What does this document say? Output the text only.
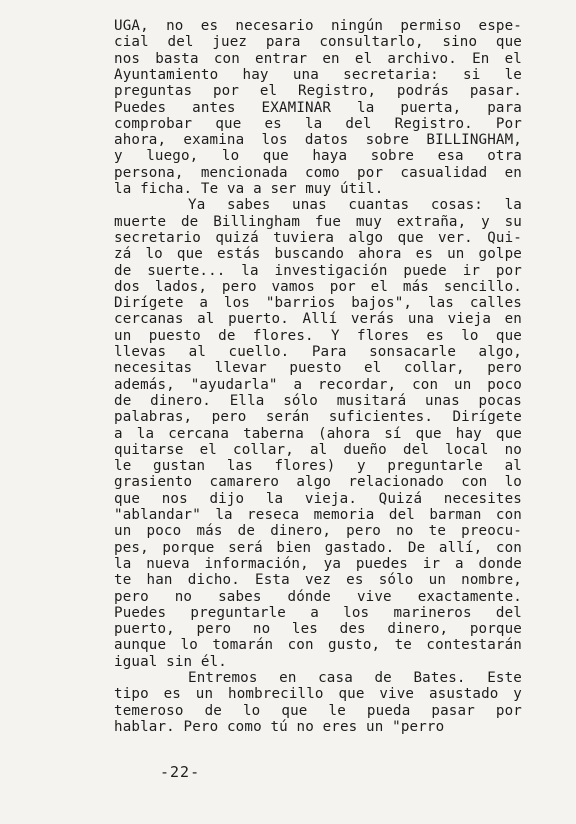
UGA, no es necesario ningún permiso espe-
cial del juez para consultarlo, sino que
nos basta con entrar en el archivo. En el
Ayuntamiento hay una secretaria: si le
preguntas por el Registro, podrás pasar.
Puedes antes EXAMINAR la puerta, para
comprobar que es la del Registro. Por
ahora, examina los datos sobre BILLINGHAM,
y luego, lo que haya sobre esa otra
persona, mencionada como por casualidad en
la ficha. Te va a ser muy útil.
Ya sabes unas cuantas cosas: la
muerte de Billingham fue muy extraña, y su
secretario quizá tuviera algo que ver. Qui-
zá lo que estás buscando ahora es un golpe
de suerte... la investigación puede ir por
dos lados, pero vamos por el más sencillo.
Dirígete a los "barrios bajos", las calles
cercanas al puerto. Allí verás una vieja en
un puesto de flores. Y flores es lo que
llevas al cuello. Para sonsacarle algo,
necesitas llevar puesto el collar, pero
además, "ayudarla" a recordar, con un poco
de dinero. Ella sólo musitará unas pocas
palabras, pero serán suficientes. Dirígete
a la cercana taberna (ahora sí que hay que
quitarse el collar, al dueño del local no
le gustan las flores) y preguntarle al
grasiento camarero algo relacionado con lo
que nos dijo la vieja. Quizá necesites
"ablandar" la reseca memoria del barman con
un poco más de dinero, pero no te preocu-
pes, porque será bien gastado. De allí, con
la nueva información, ya puedes ir a donde
te han dicho. Esta vez es sólo un nombre,
pero no sabes dónde vive exactamente.
Puedes preguntarle a los marineros del
puerto, pero no les des dinero, porque
aunque lo tomarán con gusto, te contestarán
igual sin él.
Entremos en casa de Bates. Este
tipo es un hombrecillo que vive asustado y
temeroso de lo que le pueda pasar por
hablar. Pero como tú no eres un "perro
-22-
